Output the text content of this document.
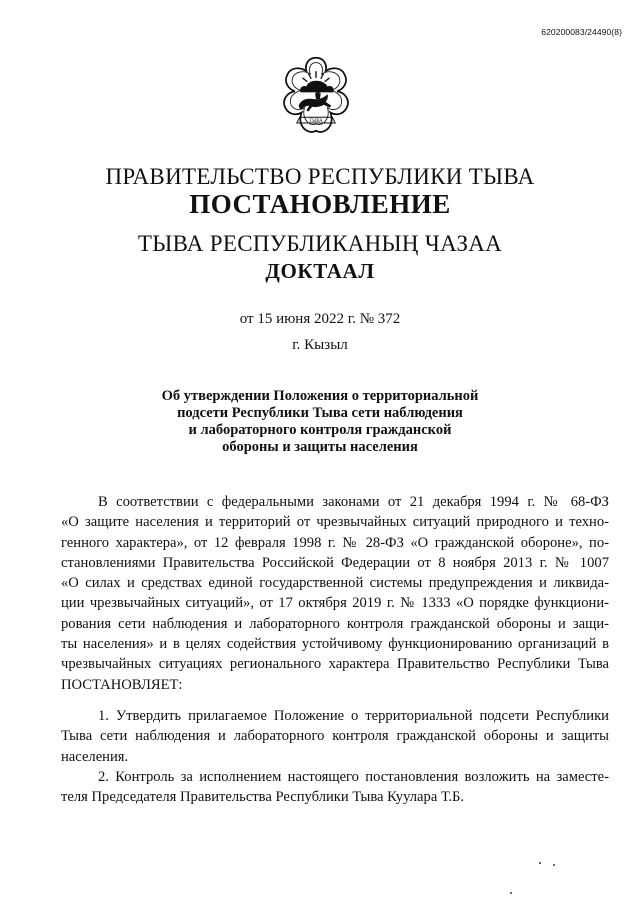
620200083/24490(8)
ТЫВА
ПРАВИТЕЛЬСТВО РЕСПУБЛИКИ ТЫВА
ПОСТАНОВЛЕНИЕ
ТЫВА РЕСПУБЛИКАНЫҢ ЧАЗАА
ДОКТААЛ
от 15 июня 2022 г. № 372
г. Кызыл
Об утверждении Положения о территориальной
подсети Республики Тыва сети наблюдения
и лабораторного контроля гражданской
обороны и защиты населения
В соответствии с федеральными законами от 21 декабря 1994 г. № 68-ФЗ
«О защите населения и территорий от чрезвычайных ситуаций природного и техно-
генного характера», от 12 февраля 1998 г. № 28-ФЗ «О гражданской обороне», по-
становлениями Правительства Российской Федерации от 8 ноября 2013 г. № 1007
«О силах и средствах единой государственной системы предупреждения и ликвида-
ции чрезвычайных ситуаций», от 17 октября 2019 г. № 1333 «О порядке функциони-
рования сети наблюдения и лабораторного контроля гражданской обороны и защи-
ты населения» и в целях содействия устойчивому функционированию организаций в
чрезвычайных ситуациях регионального характера Правительство Республики Тыва
ПОСТАНОВЛЯЕТ:
1. Утвердить прилагаемое Положение о территориальной подсети Республики
Тыва сети наблюдения и лабораторного контроля гражданской обороны и защиты
населения.
2. Контроль за исполнением настоящего постановления возложить на заместе-
теля Председателя Правительства Республики Тыва Куулара Т.Б.
